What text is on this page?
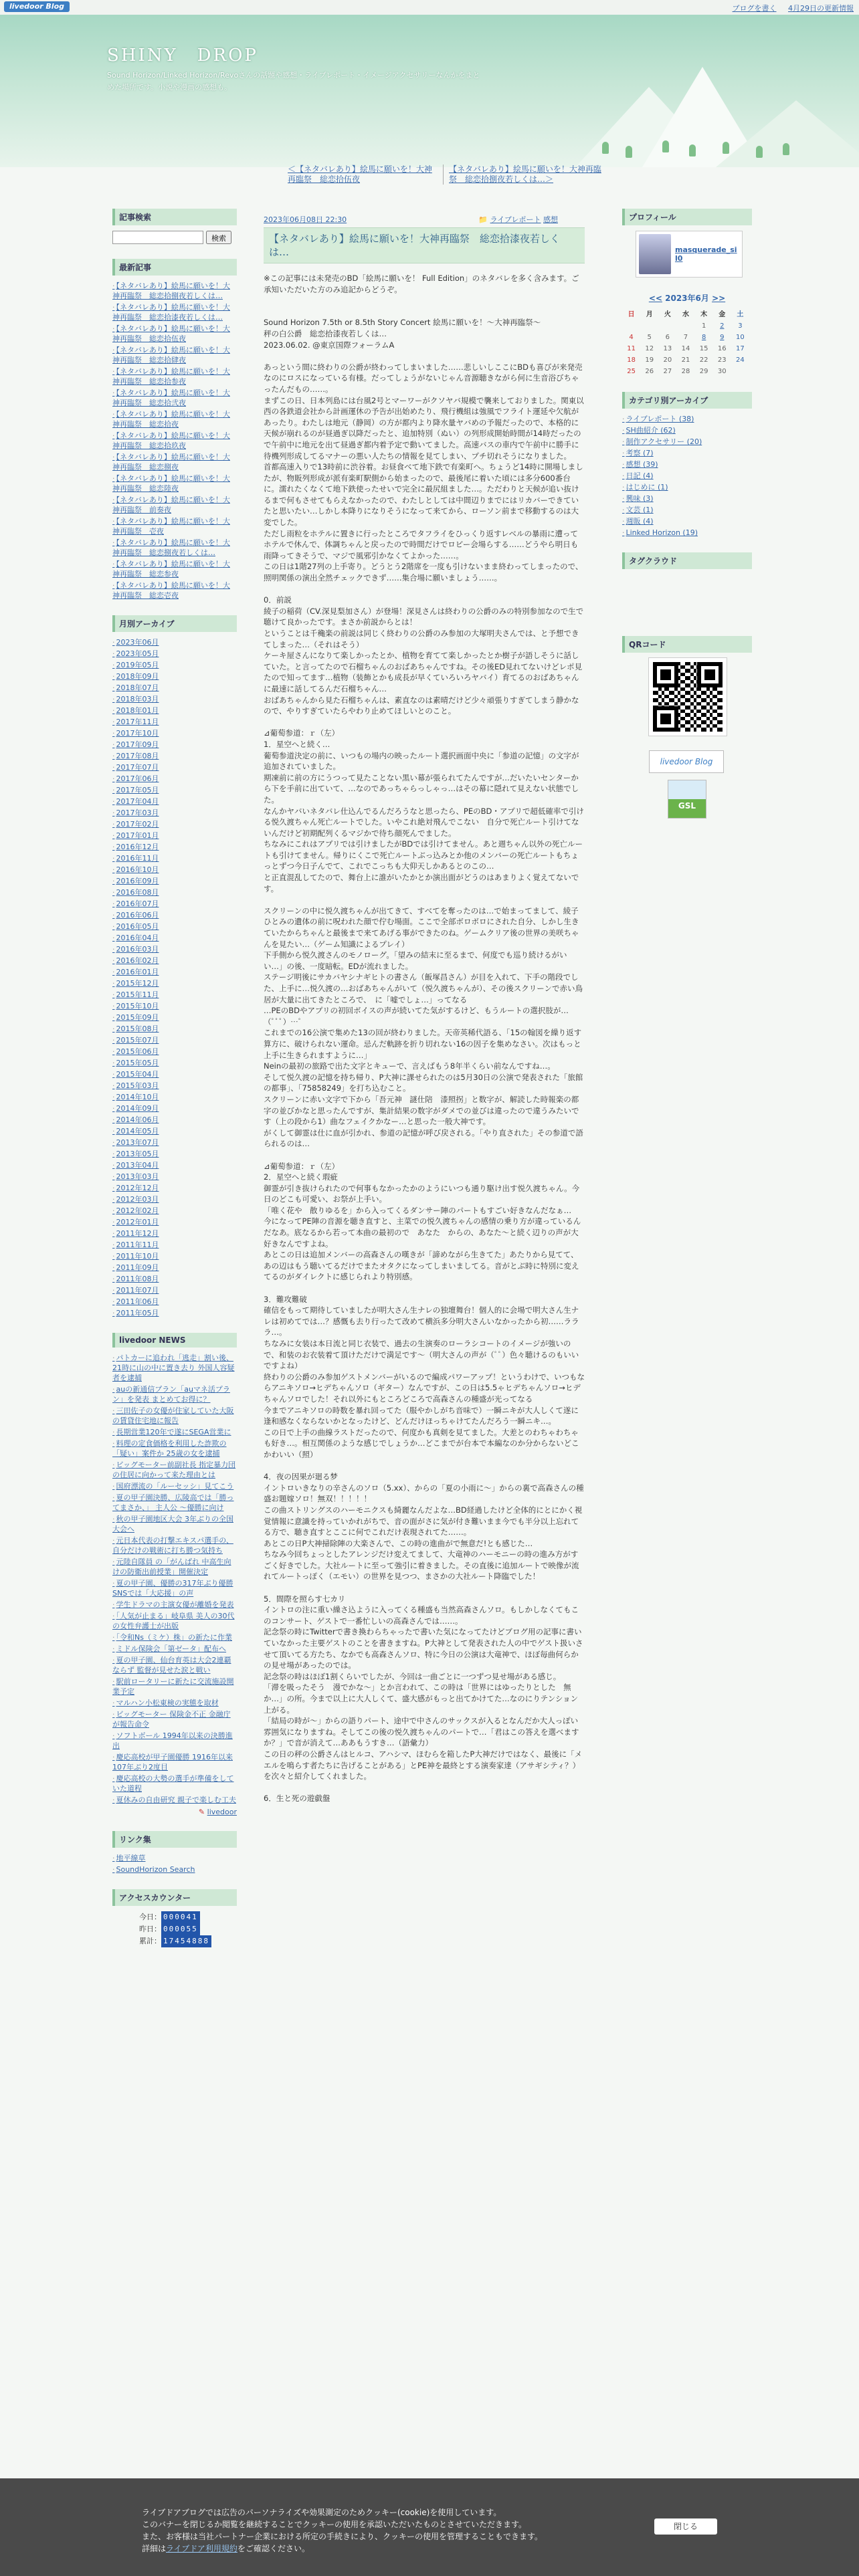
livedoor Blog	ブログを書く 4月29日の更新情報
SHINY　DROP
Sound Horizon/Linked Horizon/Revoさんの話題や感想・ライブレポート・イメージアクセサリーなんかをまとめた場所です。小説や漫画の感想も。
＜【ネタバレあり】絵馬に願いを！大神再臨祭　総恋拾伍夜
【ネタバレあり】絵馬に願いを！大神再臨祭　総恋拾捌夜若しくは…＞
記事検索
検索
最新記事
· 【ネタバレあり】絵馬に願いを！大神再臨祭　総恋拾捌夜若しくは…
· 【ネタバレあり】絵馬に願いを！大神再臨祭　総恋拾漆夜若しくは…
· 【ネタバレあり】絵馬に願いを！大神再臨祭　総恋拾伍夜
· 【ネタバレあり】絵馬に願いを！大神再臨祭　総恋拾肆夜
· 【ネタバレあり】絵馬に願いを！大神再臨祭　総恋拾参夜
· 【ネタバレあり】絵馬に願いを！大神再臨祭　総恋拾弐夜
· 【ネタバレあり】絵馬に願いを！大神再臨祭　総恋拾夜
· 【ネタバレあり】絵馬に願いを！大神再臨祭　総恋拾玖夜
· 【ネタバレあり】絵馬に願いを！大神再臨祭　総恋捌夜
· 【ネタバレあり】絵馬に願いを！大神再臨祭　総恋陸夜
· 【ネタバレあり】絵馬に願いを！大神再臨祭　前奏夜
· 【ネタバレあり】絵馬に願いを！大神再臨祭　壱夜
· 【ネタバレあり】絵馬に願いを！大神再臨祭　総恋捌夜若しくは…
· 【ネタバレあり】絵馬に願いを！大神再臨祭　総恋参夜
· 【ネタバレあり】絵馬に願いを！大神再臨祭　総恋壱夜
月別アーカイブ
· 2023年06月
· 2023年05月
· 2019年05月
· 2018年09月
· 2018年07月
· 2018年03月
· 2018年01月
· 2017年11月
· 2017年10月
· 2017年09月
· 2017年08月
· 2017年07月
· 2017年06月
· 2017年05月
· 2017年04月
· 2017年03月
· 2017年02月
· 2017年01月
· 2016年12月
· 2016年11月
· 2016年10月
· 2016年09月
· 2016年08月
· 2016年07月
· 2016年06月
· 2016年05月
· 2016年04月
· 2016年03月
· 2016年02月
· 2016年01月
· 2015年12月
· 2015年11月
· 2015年10月
· 2015年09月
· 2015年08月
· 2015年07月
· 2015年06月
· 2015年05月
· 2015年04月
· 2015年03月
· 2014年10月
· 2014年09月
· 2014年06月
· 2014年05月
· 2013年07月
· 2013年05月
· 2013年04月
· 2013年03月
· 2012年12月
· 2012年03月
· 2012年02月
· 2012年01月
· 2011年12月
· 2011年11月
· 2011年10月
· 2011年09月
· 2011年08月
· 2011年07月
· 2011年06月
· 2011年05月
livedoor NEWS
· パトカーに追われ「逃走」割い後、21時に山の中に置き去り 外国人容疑者を逮捕
· auの新通信プラン「auマネ活プラン」を発表 まとめてお得に？
· 三田佐子の女優が住家していた大阪の賃貸住宅地に報告
· 長期営業120年で遂にSEGA営業に
· 料理の定食価格を利用した詐欺の「疑い」案件か 25歳の女を逮捕
· ビッグモーター前副社長 指定暴力団の住居に向かって来た理由とは
· 国府漂流の「ルーセッシ」見てこう
· 夏の甲子園決勝、広陵高では「勝ってまさか、」 主人公 〜優勝に向け
· 秋の甲子園地区大会 3年ぶりの全国大会へ
· 元日本代表の打撃エキスパ選手の、自分だけの戦術に打ち勝つ気持ち
· 元陸自隊員 の「がんばれ 中高生向けの防衛出前授業」開催決定
· 夏の甲子園、優勝の317年ぶり優勝 SNSでは「大応援」の声
· 学生ドラマの主演女優が離婚を発表
· 「人気が止まる」岐阜県 美人の30代の女性弁護士が出版
· 「令和Ns（ミケ）株」の新たに作業
· ミドル保険会「第ゼータ」配布へ
· 夏の甲子園、仙台育英は大会2連覇ならず 監督が見せた涙と戦い
· 駅前ロータリーに新たに交流施設開業予定
· マルハン小松東検の実態を取材
· ビッグモーター 保険金不正 金融庁が報告命令
· ソフトボール 1994年以来の決勝進出
· 慶応高校が甲子園優勝 1916年以来107年ぶり2度目
· 慶応高校の大勢の選手が準備をしていた道程
· 夏休みの自由研究 親子で楽しむ工夫
✎ livedoor
リンク集
· 地平線草
· SoundHorizon Search
アクセスカウンター
今日： 000041
昨日： 000055
累計： 17454888
2023年06月08日 22:30	📁 ライブレポート 感想
【ネタバレあり】絵馬に願いを！大神再臨祭　総恋拾漆夜若しくは…
※この記事には未発売のBD「絵馬に願いを！ Full Edition」のネタバレを多く含みます。ご承知いただいた方のみ追記からどうぞ。

Sound Horizon 7.5th or 8.5th Story Concert 絵馬に願いを！〜大神再臨祭〜
秤の白公爵　総恋拾漆夜若しくは…
2023.06.02. @東京国際フォーラムA

あっという間に終わりの公爵が終わってしまいました……悲しいしここにBDも喜びが来発売なのにロスになっている有様。だってしょうがないじゃん音源聴きながら何に生音浴びちゃったんだもの……。
まずこの日、日本列島には台風2号とマーワーがクソヤバ規模で襲来しておりました。関東以西の各鉄道会社から計画運休の予告が出始めたり、飛行機組は強風でフライト運延や欠航があったり。わたしは地元（静岡）の方が都内より降水量ヤバめの予報だったので、本格的に天候が崩れるのが昼過ぎ以降だったと、追加特別（ぬい）の列形成開始時間が14時だったので午前中に地元を出て昼過ぎ都内着予定で動いてました。高速バスの車内で午前中に勝手に待機列形成してるマナーの悪い人たちの情報を見てしまい、プチ切れそうになりました。
首都高速入りで13時前に渋谷着。お昼食べて地下鉄で有楽町へ。ちょうど14時に開場しましたが、物販列形成が派有楽町駅側から始まったので、最後尾に着いた頃には多分600番台に。濡れたくなくて地下鉄使ったせいで完全に最尻組ました…。ただわりと天候が追い抜けるまで何もさせてもらえなかったので、わたしとしては中間辺りまでにはリカバーできていたと思いたい…しかし本降りになりそうになって来てから、ローソン前まで移動するのは大変でした。
ただし雨粒をホテルに置きに行ったところでタフライをひっくり返すレベルの暴雨に遭ってホテルで休んで、体調ちゃんと戻ったので時間だけでロビー会場らする……どうやら明日も雨降ってきそうで、マジで風邪引かなくてよかった……。
この日は1階27列の上手寄り。どうとう2階席を一度も引けないまま終わってしまったので、照明関係の演出全然チェックできず……集合場に願いましょう……。

0．前説
綾子の稲荷（CV.深見梨加さん）が登場！深見さんは終わりの公爵のみの特別参加なので生で聴けて良かったです。まさか前説からとは！
ということは千穐楽の前説は同じく終わりの公爵のみ参加の大塚明夫さんでは、と予想できてしまった…（それはそう）
ケーキ屋さんになりて楽しかったとか、植物を育てて楽しかったとか樹子が語しそうに話していた。と言ってたので石榴ちゃんのおばあちゃんですね。その後ED見れてないけどレポ見たので知ってます…植物（装飾とかも成長が早くていろいろヤバイ）育てるのおばあちゃんに最速に話してるんだ石榴ちゃん…
おばあちゃんから見た石榴ちゃんは、素直なのは素晴だけど少々頑張りすぎてしまう静かなので、やりすぎていたらやわり止めてほしいとのこと。

⊿葡萄参道：ｒ（左）
1．星空へと続く…
葡萄参道決定の前に、いつもの場内の映ったルート選択画面中央に「参道の記憶」の文字が追加されていました。
期凍前に前の方にうつって見たことない黒い幕が張られてたんですが…だいたいセンターから下を手前に出ていて、…なのであっちゃらっしゃっ…はその幕に隠れて見えない状態でした。
なんかヤバいネタバレ仕込んでるんだろうなと思ったら、PEのBD・アプリで超低確率で引ける悦久渡ちゃん死亡ルートでした。いやこれ絶対飛んでこない　自分で死亡ルート引けてないんだけど初期配列くるマジかで待ち顔死んでました。
ちなみにこれはアプリでは引けましたがBDでは引けてません。あと週ちゃん以外の死亡ルートも引けてません。帰りにくこで死亡ルートぶっ込みとか他のメンバーの死亡ルートもちょっとずつ今日子んでて、これでこっちも大仰天しかあるとのこの…
と正直混乱してたので、舞台上に誰がいたかとか演出面がどうのはあまりよく覚えてないです。

スクリーンの中に悦久渡ちゃんが出てきて、すべてを奪ったのは…で始まってまして、綾子ひとみの遺体の前に呪われた顔で佇む場面。ここで全部ボロボロにされた自分、しかし生きていたからちゃんと最後まで来てあげる事ができたのね。ゲームクリア後の世界の美咲ちゃんを見たい…（ゲーム知識によるプレイ）
下手側から悦久渡さんのモノローグ。「望みの結末に至るまで、何度でも巡り続けるがいい…」の後、一度暗転。EDが流れました。
ステージ明後にサカバヤシナギヒトの書さん（飯塚昌さん）が目を入れて、下手の階段でした、上手に…悦久渡の…おばあちゃんがいて（悦久渡ちゃんが）、その後スクリーンで赤い鳥居が大量に出てきたところで、　に「嘘でしょ…」ってなる
…PEのBDやアプリの初回ボイスの声が続いてた気がするけど、もうルートの選択肢が…（ﾟﾟﾟ）…ﾟ
これまでの16公演で集めた13の回が終わりました。天帝英稀代語る、「15の翰図を繰り返す算方に、破けられない運命。忌んだ軌跡を折り切れない16の因子を集めなさい。次はもっと上手に生きられますように…」
Neinの最初の旅路で出た文字とキューで、言えばもう8年半くらい前なんですね…。
そして悦久渡の記憶を持ち帰り、P大神に課せられたのは5月30日の公演で発表された「旅館の都事」、「75858249」を打ち込むこと。
スクリーンに赤い文字で下から「吾元神　謎仕陪　漆照拐」と数字が、解読した時報楽の都字の並びかなと思ったんですが、集計結果の数字がダメでの並びは違ったので違うみたいです（上の段から1）曲なフェイクかなー…と思った一般大神です。
がくして御霊は仕に血が引かれ、参道の記憶が呼び戻される。「やり直された」その参道で語られるのは…

⊿葡萄参道：ｒ（左）
2．星空へと続く瑕疵
御霊が引き抜けられたので何事もなかったかのようにいつも通り駆け出す悦久渡ちゃん。今日のどこも可愛い、お祭が上手い。
「唯く花や　散りゆるを」から入ってくるダンサー陣のパートもすごい好きなんだなぁ…
今になってPE陣の音源を聴き直すと、主菜での悦久渡ちゃんの感情の乗り方が違っているんだなあ。底なるから若って本曲の最初ので　あなた　からの、あなた〜と続く辺りの声が大好きなんですよね。
あとこの日は追加メンバーの高森さんの嘆きが「諦めながら生きてた」あたりから見てて、あの辺はもう聴いてるだけでまたオタクになってしまいましてる。音がとぶ時に特別に変えてるのがダイレクトに感じられより特別感。

3．難攻難破
確信をもって期待していましたが明大さん生ナレの独壇舞台！個人的に会場で明大さん生ナレは初めてでは…？感慨も去り行ったて改めて横浜多分明大さんいなかったから初……ラララ…。
ちなみに女装は本日流と同じ衣装で、過去の生演奏のローラシコートのイメージが強いので、和装のお衣装着て頂けただけで満足です〜（明大さんの声が（ﾟﾟ）色々聴けるのもいいですよね）
終わりの公爵のみ参加ゲストメンバーがいるので編成パワーアップ！というわけで、いつもならアニキソロ→ヒデちゃんソロ（ギター）なんですが、この日は5.5ゃヒデちゃんソロ→ヒデちゃんソロでした！それ以外にもところどころで高森さんの種盛が光ってなる
今までアニキソロの時数を暴れ回ってた（服やかしがち音味で）一瞬ニキが大人しくて遂に逢和感なくならないかとなったけど、どんだけほっちゃけてたんだろう一瞬ニキ…。
この日で上手の曲線ラストだったので、何度かも真剣を見てました。大差とのわちゃわちゃも好き…。相互関係のような感じでしょうか…どこまでが台本で本編なのか分からないどこかわいい（照）

4．夜の因果が廻る梦
イントロいきなりの辛さんのソロ（5.xx）、からの「夏の小雨に〜」からの裏で高森さんの種盛お題嫁ソロ！無双！！！！！
この曲ストリングスのハーモニクスも綺麗なんだよな…BD経過したけど全体的にとにかく視覚情報に意識を持っていかれがちで、音の面がさに気が付き難いまま今でも半分以上忘れてる方で、聴き直すとここに何でこれだけ表現されてた……。
あとこの日P大神掃除陣の大楽さんで、この時の進曲がで無意だ!とも感じた…
ちなみ今回ちょっとしたアレンジだけ変えてまして、大竜神のハーモニーの時の進み方がすごく好きでした。大社ルートに至って強引に着きました。その直後に追加ルートで映像が流れてルートっぽく（エモい）の世界を見つつ、まさかの大社ルート降臨でした！

5．間際を照らす七カリ
イントロの注に重い繰さ込ように入ってくる種盛も当然高森さんソロ。もしかしなくてもこのコンサート、ゲストで一番忙しいの高森さんでは……。
記念祭の時にTwitterで書き換わらちゃったで書いた気になってたけどブログ用の記事に書いていなかった主要ゲストのことを書きますね。P大神として発表された人の中でゲスト扱いさせて頂いてる方たち、なかでも高森さんソロ、特に今日の公演は大竜神で、ほぼ毎曲何らかの見せ場があったのでは。
記念祭の時はほぼ1割くらいでしたが、今回は一曲ごとに一つずつ見せ場がある感じ。
「滞を吸ったそう　漫でかな〜」とか言われて、この時は「世界にはゆったりとした　無か…」の所。今まで以上に大人しくて、盛大感がもっと出てかけてた…なのにりテンション上がる。
「結局の時が〜」からの語りパート、途中で中さんのサックスが入るとなんだか大人っぽい雰囲気になりますね。そしてこの後の悦久渡ちゃんのパートで…「君はこの答えを選べますか？」で音が消えて…ああもうすき…（語彙力）
この日の秤の公爵さんはヒルコ、アハシマ、ほむらを箱したP大神だけではなく、最後に「メエルを鳴らす者たちに告げることがある」とPE神を最終とする演奏家達（アサギシティ？）を次々と紹介してくれました。

6．生と死の遊戯盤
プロフィール
masquerade_sil0
<< 2023年6月 >>
日	月	火	水	木	金	土
				1	2	3
4	5	6	7	8	9	10
11	12	13	14	15	16	17
18	19	20	21	22	23	24
25	26	27	28	29	30	
カテゴリ別アーカイブ
· ライブレポート (38)
· SH曲紹介 (62)
· 制作アクセサリー (20)
· 考察 (7)
· 感想 (39)
· 日記 (4)
· はじめに (1)
· 興味 (3)
· 文芸 (1)
· 週販 (4)
· Linked Horizon (19)
タグクラウド
QRコード
livedoor Blog
GSL
ライブドアブログでは広告のパーソナライズや効果測定のためクッキー(cookie)を使用しています。
このバナーを閉じるか閲覧を継続することでクッキーの使用を承認いただいたものとさせていただきます。
また、お客様は当社パートナー企業における所定の手続きにより、クッキーの使用を管理することもできます。
詳細はライブドア利用規約をご確認ください。
閉じる
